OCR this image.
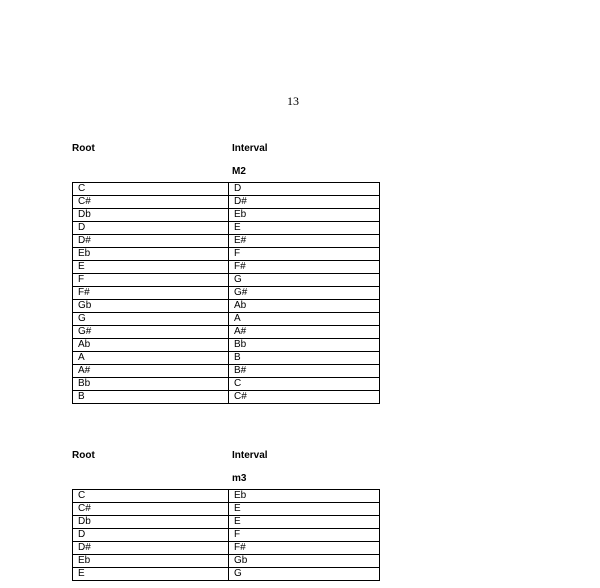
13
Root	Interval
M2
C	D
C#	D#
Db	Eb
D	E
D#	E#
Eb	F
E	F#
F	G
F#	G#
Gb	Ab
G	A
G#	A#
Ab	Bb
A	B
A#	B#
Bb	C
B	C#
Root	Interval
m3
C	Eb
C#	E
Db	E
D	F
D#	F#
Eb	Gb
E	G
